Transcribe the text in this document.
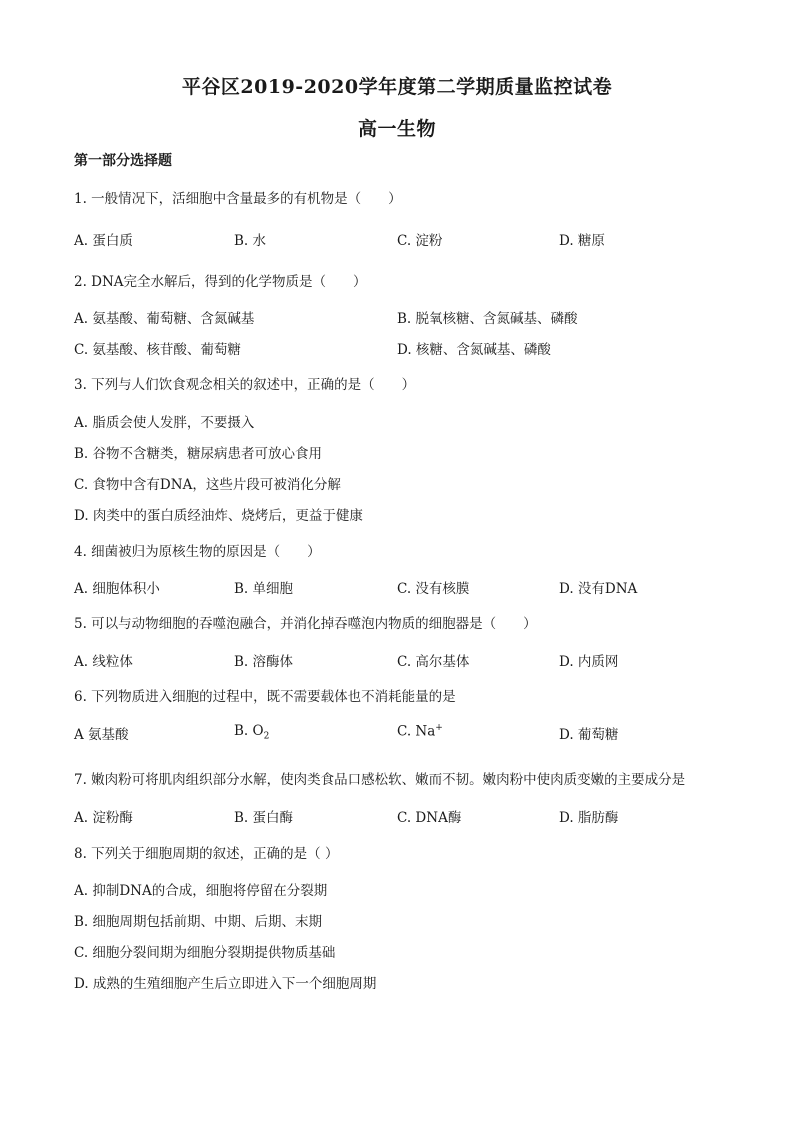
平谷区2019-2020学年度第二学期质量监控试卷
高一生物
第一部分选择题
1. 一般情况下，活细胞中含量最多的有机物是（　　）
A. 蛋白质	B. 水	C. 淀粉	D. 糖原
2. DNA完全水解后，得到的化学物质是（　　）
A. 氨基酸、葡萄糖、含氮碱基	B. 脱氧核糖、含氮碱基、磷酸
C. 氨基酸、核苷酸、葡萄糖	D. 核糖、含氮碱基、磷酸
3. 下列与人们饮食观念相关的叙述中，正确的是（　　）
A. 脂质会使人发胖，不要摄入
B. 谷物不含糖类，糖尿病患者可放心食用
C. 食物中含有DNA，这些片段可被消化分解
D. 肉类中的蛋白质经油炸、烧烤后，更益于健康
4. 细菌被归为原核生物的原因是（　　）
A. 细胞体积小	B. 单细胞	C. 没有核膜	D. 没有DNA
5. 可以与动物细胞的吞噬泡融合，并消化掉吞噬泡内物质的细胞器是（　　）
A. 线粒体	B. 溶酶体	C. 高尔基体	D. 内质网
6. 下列物质进入细胞的过程中，既不需要载体也不消耗能量的是
A 氨基酸	B. $O_2$	C. Na+	D. 葡萄糖
7. 嫩肉粉可将肌肉组织部分水解，使肉类食品口感松软、嫩而不韧。嫩肉粉中使肉质变嫩的主要成分是
A. 淀粉酶	B. 蛋白酶	C. DNA酶	D. 脂肪酶
8. 下列关于细胞周期的叙述，正确的是（ ）
A. 抑制DNA的合成，细胞将停留在分裂期
B. 细胞周期包括前期、中期、后期、末期
C. 细胞分裂间期为细胞分裂期提供物质基础
D. 成熟的生殖细胞产生后立即进入下一个细胞周期
